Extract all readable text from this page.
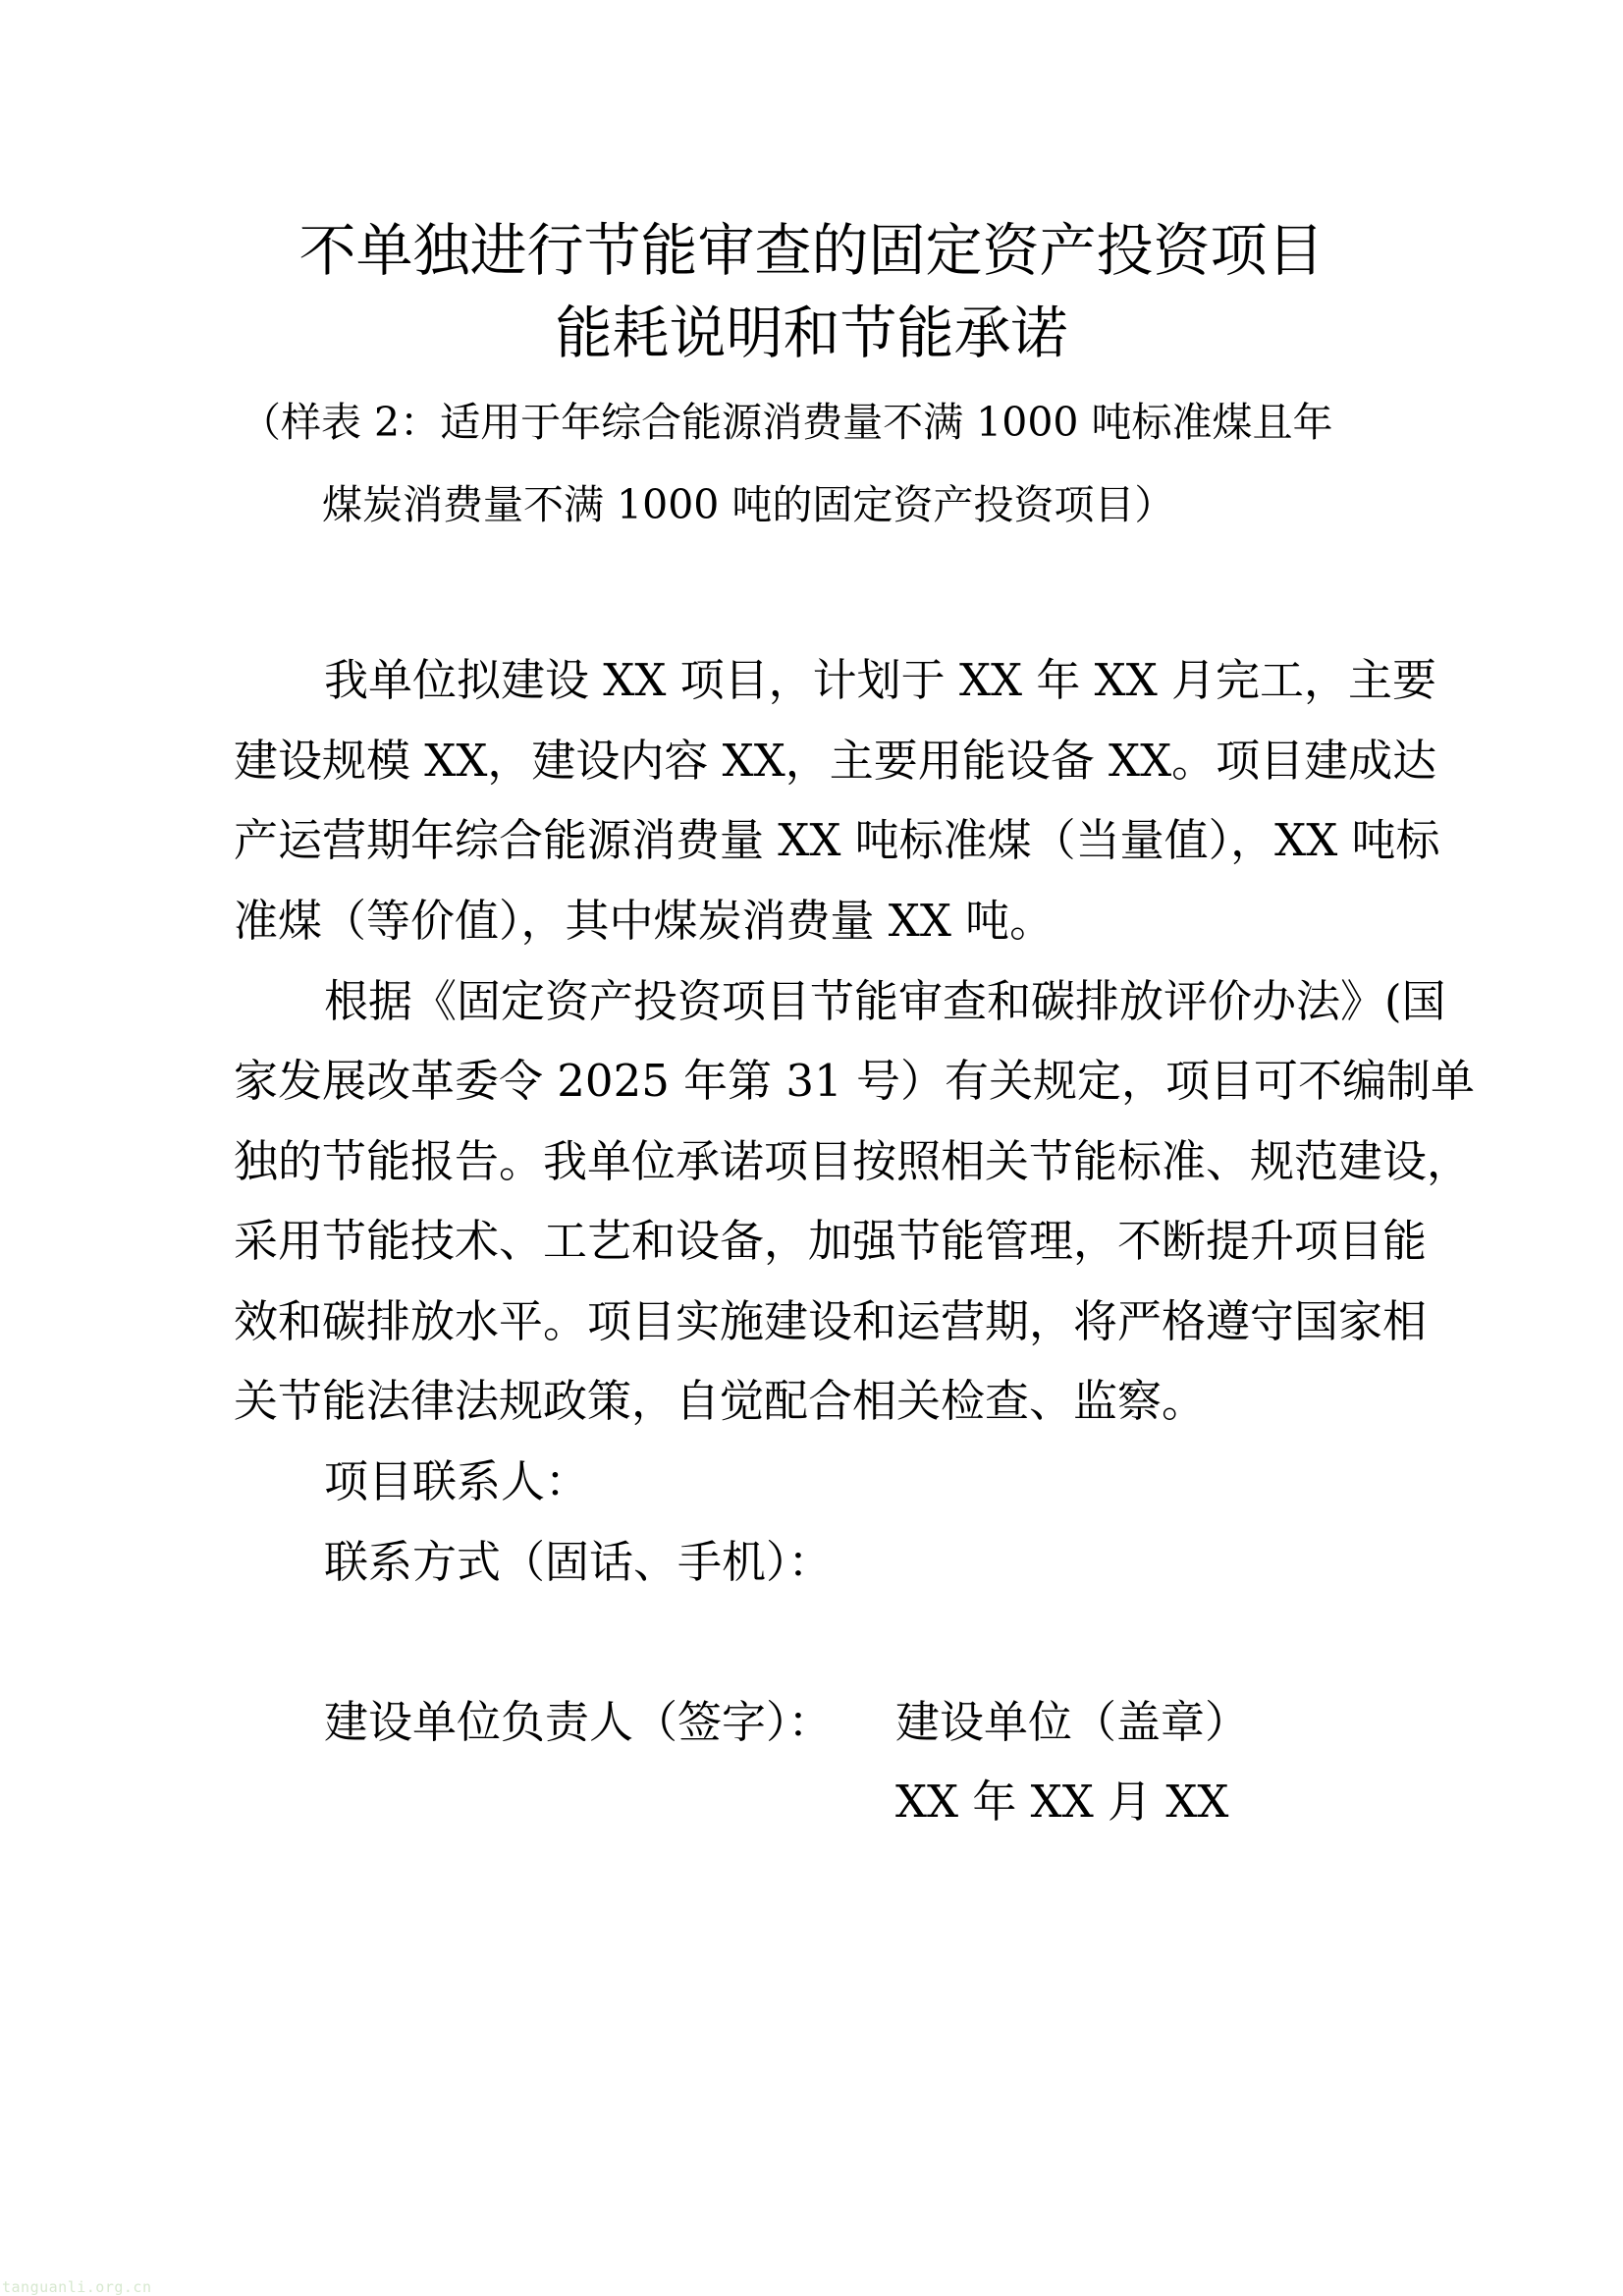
不单独进行节能审查的固定资产投资项目
能耗说明和节能承诺
（样表 2：适用于年综合能源消费量不满 1000 吨标准煤且年
煤炭消费量不满 1000 吨的固定资产投资项目）
我单位拟建设 XX 项目，计划于 XX 年 XX 月完工，主要
建设规模 XX，建设内容 XX，主要用能设备 XX。项目建成达
产运营期年综合能源消费量 XX 吨标准煤（当量值），XX 吨标
准煤（等价值），其中煤炭消费量 XX 吨。
根据《固定资产投资项目节能审查和碳排放评价办法》(国
家发展改革委令 2025 年第 31 号）有关规定，项目可不编制单
独的节能报告。我单位承诺项目按照相关节能标准、规范建设，
采用节能技术、工艺和设备，加强节能管理，不断提升项目能
效和碳排放水平。项目实施建设和运营期，将严格遵守国家相
关节能法律法规政策，自觉配合相关检查、监察。
项目联系人：
联系方式（固话、手机）：
建设单位负责人（签字）： 建设单位（盖章）
XX 年 XX 月 XX
tanguanli.org.cn
